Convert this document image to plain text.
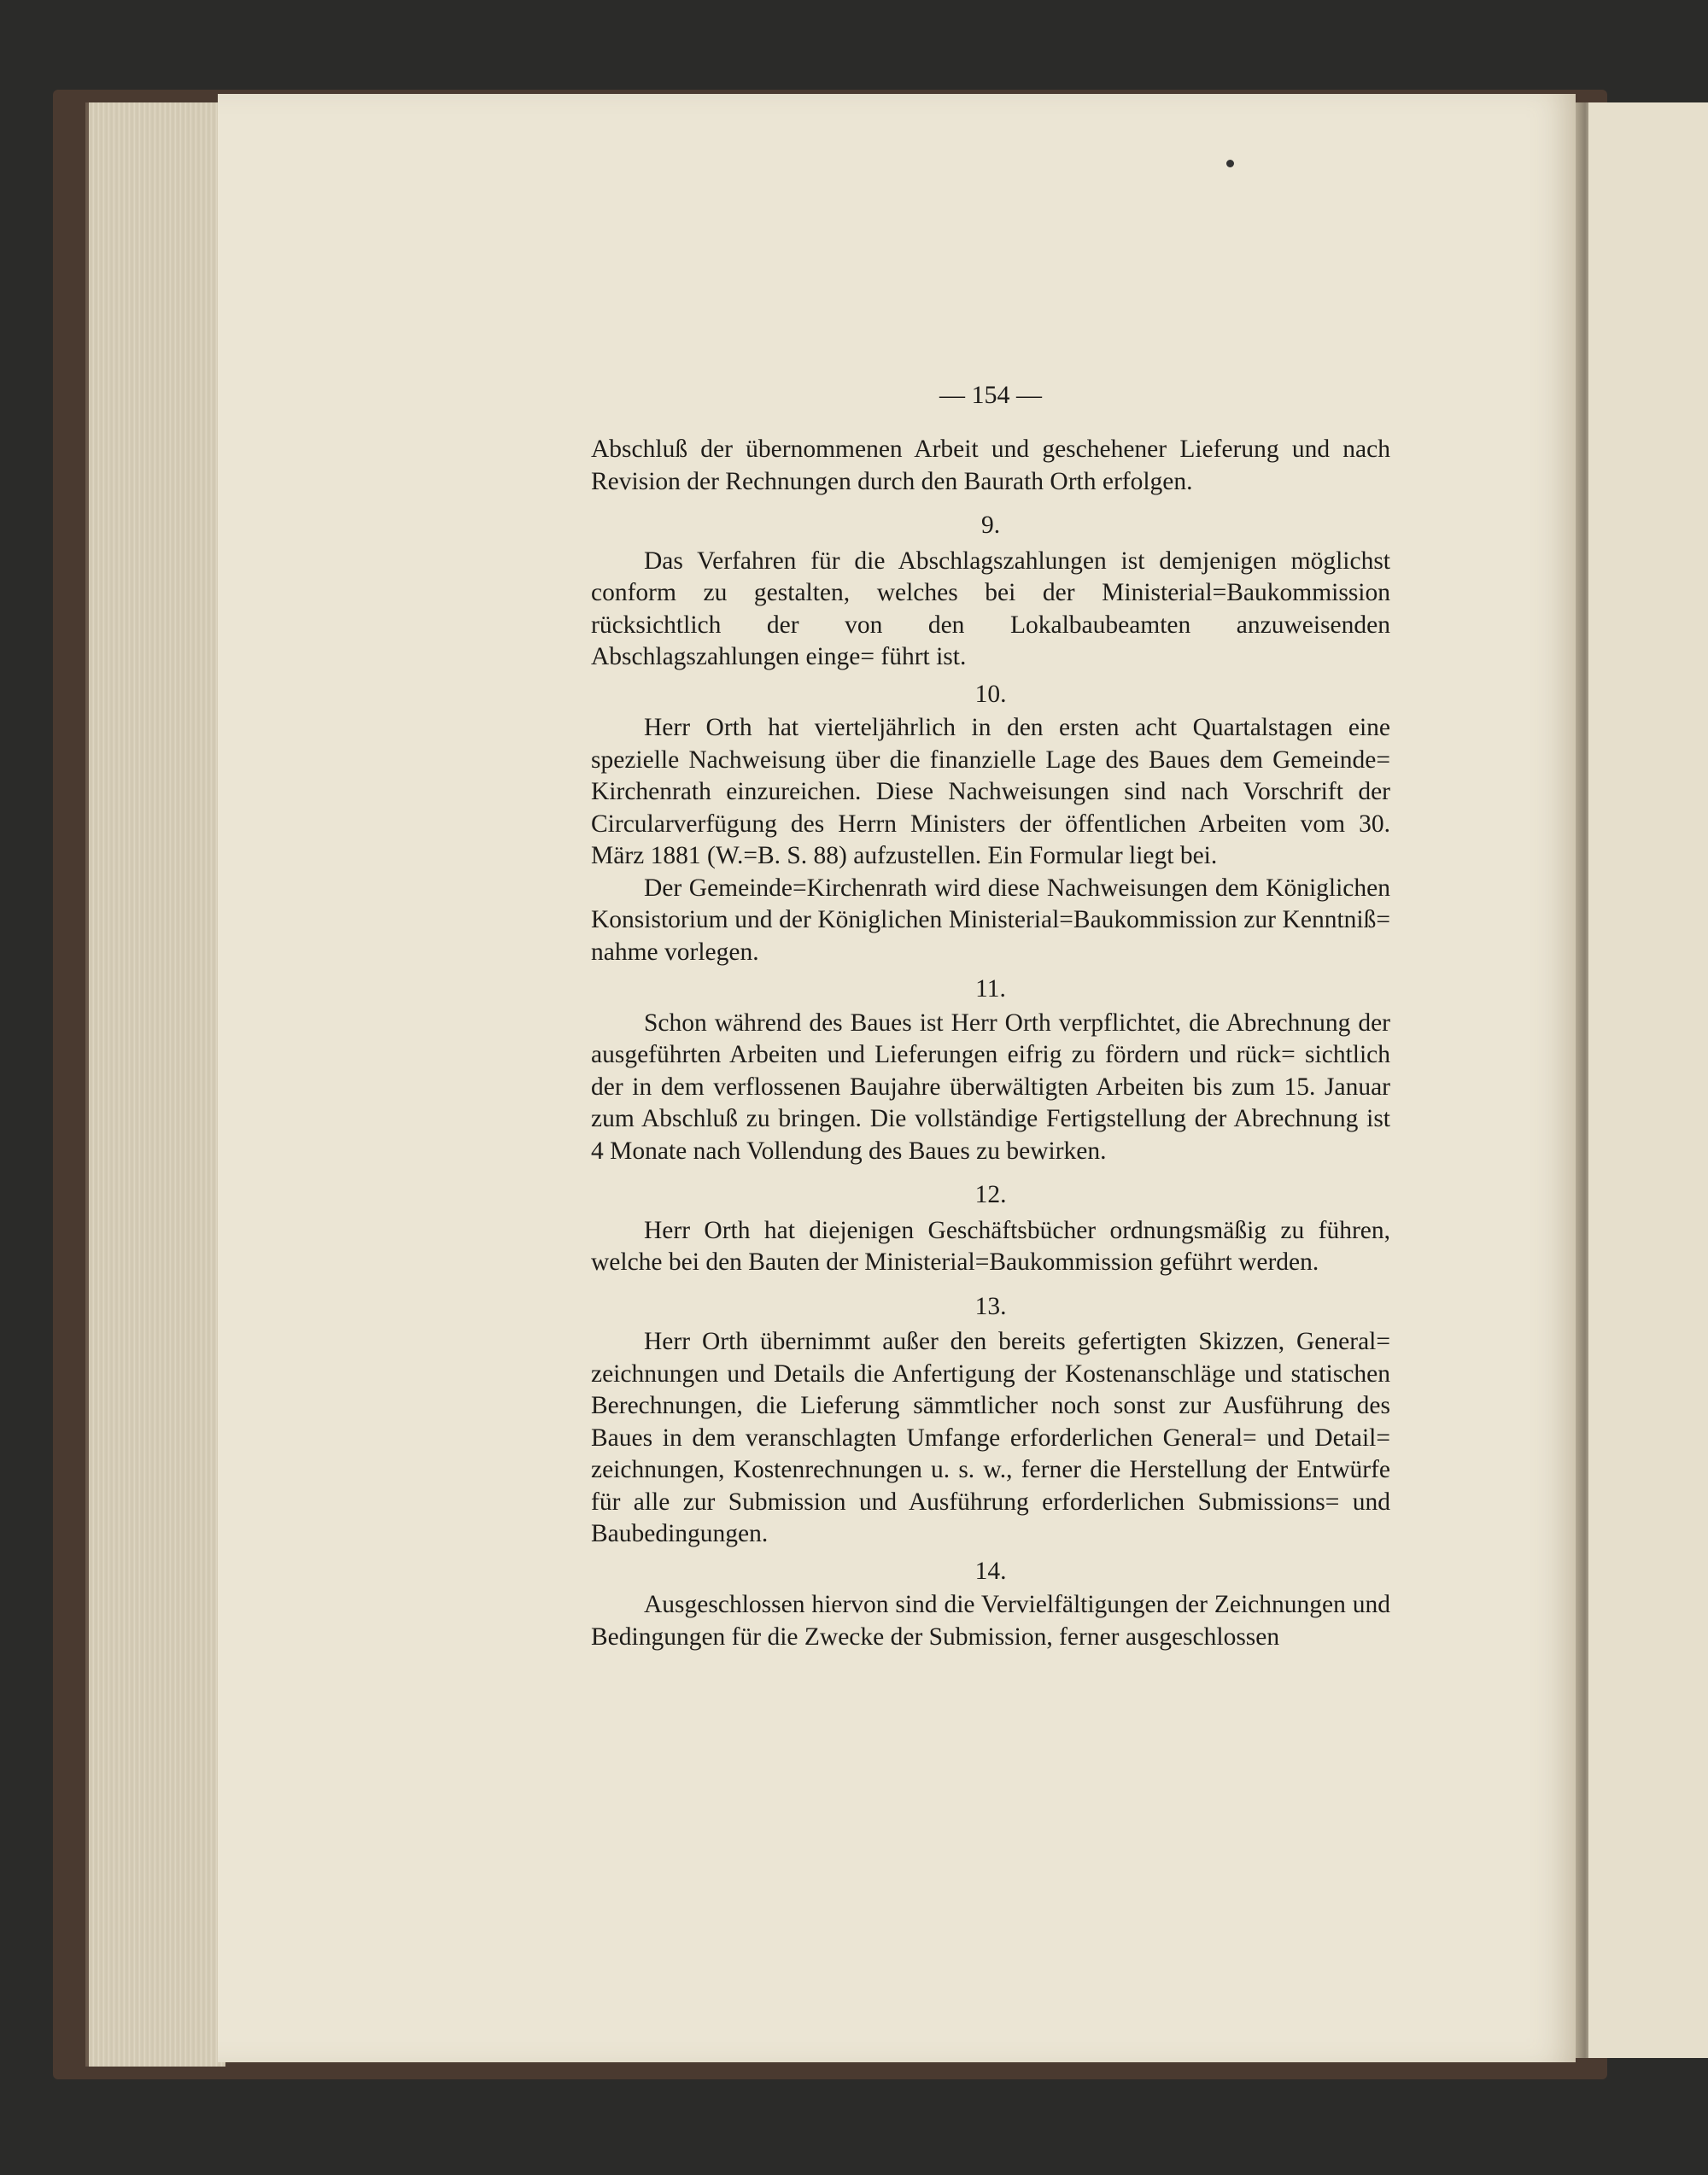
— 154 —

Abschluß der übernommenen Arbeit und geschehener Lieferung und nach Revision der Rechnungen durch den Baurath Orth erfolgen.

9.

Das Verfahren für die Abschlagszahlungen ist demjenigen möglichst conform zu gestalten, welches bei der Ministerial=Baukommission rücksichtlich der von den Lokalbaubeamten anzuweisenden Abschlagszahlungen einge= führt ist.

10.

Herr Orth hat vierteljährlich in den ersten acht Quartalstagen eine spezielle Nachweisung über die finanzielle Lage des Baues dem Gemeinde= Kirchenrath einzureichen. Diese Nachweisungen sind nach Vorschrift der Circularverfügung des Herrn Ministers der öffentlichen Arbeiten vom 30. März 1881 (W.=B. S. 88) aufzustellen. Ein Formular liegt bei.

Der Gemeinde=Kirchenrath wird diese Nachweisungen dem Königlichen Konsistorium und der Königlichen Ministerial=Baukommission zur Kenntniß= nahme vorlegen.

11.

Schon während des Baues ist Herr Orth verpflichtet, die Abrechnung der ausgeführten Arbeiten und Lieferungen eifrig zu fördern und rück= sichtlich der in dem verflossenen Baujahre überwältigten Arbeiten bis zum 15. Januar zum Abschluß zu bringen. Die vollständige Fertigstellung der Abrechnung ist 4 Monate nach Vollendung des Baues zu bewirken.

12.

Herr Orth hat diejenigen Geschäftsbücher ordnungsmäßig zu führen, welche bei den Bauten der Ministerial=Baukommission geführt werden.

13.

Herr Orth übernimmt außer den bereits gefertigten Skizzen, General= zeichnungen und Details die Anfertigung der Kostenanschläge und statischen Berechnungen, die Lieferung sämmtlicher noch sonst zur Ausführung des Baues in dem veranschlagten Umfange erforderlichen General= und Detail= zeichnungen, Kostenrechnungen u. s. w., ferner die Herstellung der Entwürfe für alle zur Submission und Ausführung erforderlichen Submissions= und Baubedingungen.

14.

Ausgeschlossen hiervon sind die Vervielfältigungen der Zeichnungen und Bedingungen für die Zwecke der Submission, ferner ausgeschlossen
